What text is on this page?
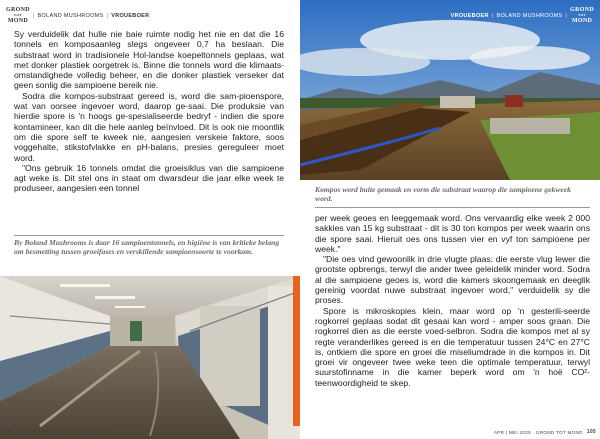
GROND
TOT
MOND
| BOLAND MUSHROOMS | VROUEBOER

Sy verduidelik dat hulle nie baie ruimte nodig het nie en dat die 16 tonnels en komposaanleg slegs ongeveer 0,7 ha beslaan. Die substraat word in tradisionele Hol-landse koepeltonnels geplaas, wat met donker plastiek oorgetrek is. Binne die tonnels word die klimaats-omstandighede volledig beheer, en die donker plastiek verseker dat geen sonlig die sampioene bereik nie.

Sodra die kompos-substraat gereed is, word die sam-pioenspore, wat van oorsee ingevoer word, daarop ge-saai. Die produksie van hierdie spore is 'n hoogs ge-spesialiseerde bedryf - indien die spore kontamineer, kan dit die hele aanleg beïnvloed. Dit is ook nie moontlik om die spore self te kweek nie, aangesien verskeie faktore, soos voggehalte, stikstofvlakke en pH-balans, presies gereguleer moet word.

"Ons gebruik 16 tonnels omdat die groeisiklus van die sampioene agt weke is. Dit stel ons in staat om dwarsdeur die jaar elke week te produseer, aangesien een tonnel

By Boland Mushrooms is daar 16 sampioentonnels, en higiëne is van kritieke belang om besmetting tussen groeifases en verskillende sampioensoorte te voorkom.
104 GROND TOT MOND · APR | MEI 2025
VROUEBOER | BOLAND MUSHROOMS |
GROND
TOT
MOND
Kompos word buite gemaak en vorm die substraat waarop die sampioene gekweek word.

per week geoes en leeggemaak word. Ons vervaardig elke week 2 000 sakkies van 15 kg substraat - dit is 30 ton kompos per week waarin ons die spore saai. Hieruit oes ons tussen vier en vyf ton sampioene per week."

"Die oes vind gewoonlik in drie vlugte plaas: die eerste vlug lewer die grootste opbrengs, terwyl die ander twee geleidelik minder word. Sodra al die sampioene geoes is, word die kamers skoongemaak en deeglik gereinig voordat nuwe substraat ingevoer word," verduidelik sy die proses.

Spore is mikroskopies klein, maar word op 'n gesterili-seerde rogkorrel geplaas sodat dit gesaai kan word - amper soos graan. Die rogkorrel dien as die eerste voed-selbron. Sodra die kompos met al sy regte veranderlikes gereed is en die temperatuur tussen 24°C en 27°C is, ontkiem die spore en groei die miseliumdrade in die kompos in. Dit groei vir ongeveer twee weke teen die optimale temperatuur, terwyl suurstofinname in die kamer beperk word om 'n hoë CO²-teenwoordigheid te skep.

APR | MEI 2025 · GROND TOT MOND 105
